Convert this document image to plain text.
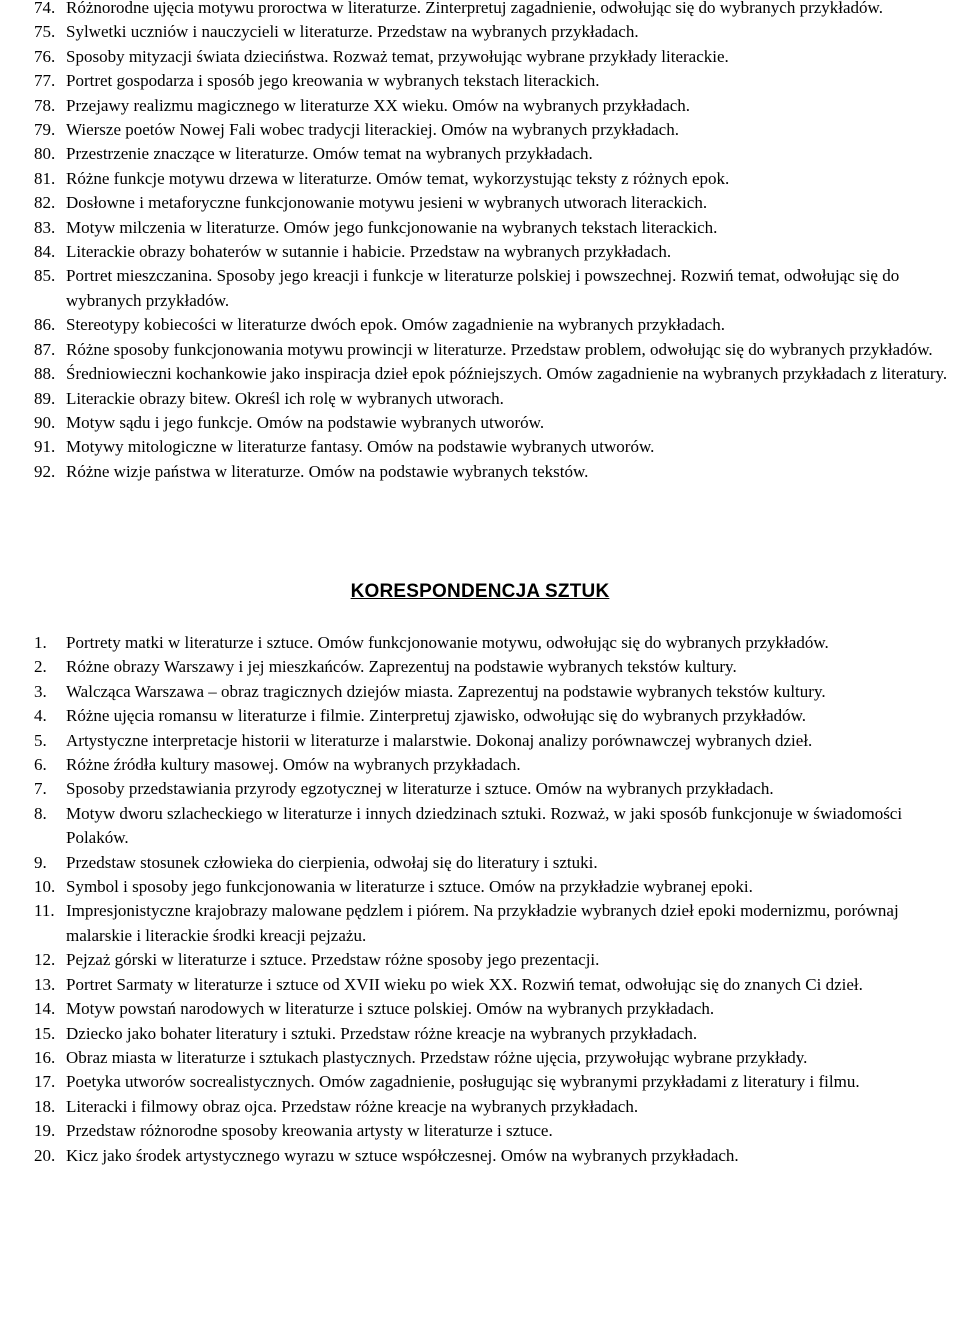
74. Różnorodne ujęcia motywu proroctwa w literaturze. Zinterpretuj zagadnienie, odwołując się do wybranych przykładów.
75. Sylwetki uczniów i nauczycieli w literaturze. Przedstaw na wybranych przykładach.
76. Sposoby mityzacji świata dzieciństwa. Rozważ temat, przywołując wybrane przykłady literackie.
77. Portret gospodarza i sposób jego kreowania w wybranych tekstach literackich.
78. Przejawy realizmu magicznego w literaturze XX wieku. Omów na wybranych przykładach.
79. Wiersze poetów Nowej Fali wobec tradycji literackiej. Omów na wybranych przykładach.
80. Przestrzenie znaczące w literaturze. Omów temat na wybranych przykładach.
81. Różne funkcje motywu drzewa w literaturze. Omów temat, wykorzystując teksty z różnych epok.
82. Dosłowne i metaforyczne funkcjonowanie motywu jesieni w wybranych utworach literackich.
83. Motyw milczenia w literaturze. Omów jego funkcjonowanie na wybranych tekstach literackich.
84. Literackie obrazy bohaterów w sutannie i habicie. Przedstaw na wybranych przykładach.
85. Portret mieszczanina. Sposoby jego kreacji i funkcje w literaturze polskiej i powszechnej. Rozwiń temat, odwołując się do wybranych przykładów.
86. Stereotypy kobiecości w literaturze dwóch epok. Omów zagadnienie na wybranych przykładach.
87. Różne sposoby funkcjonowania motywu prowincji w literaturze. Przedstaw problem, odwołując się do wybranych przykładów.
88. Średniowieczni kochankowie jako inspiracja dzieł epok późniejszych. Omów zagadnienie na wybranych przykładach z literatury.
89. Literackie obrazy bitew. Określ ich rolę w wybranych utworach.
90. Motyw sądu i jego funkcje. Omów na podstawie wybranych utworów.
91. Motywy mitologiczne w literaturze fantasy. Omów na podstawie wybranych utworów.
92. Różne wizje państwa w literaturze. Omów na podstawie wybranych tekstów.
KORESPONDENCJA SZTUK
1. Portrety matki w literaturze i sztuce. Omów funkcjonowanie motywu, odwołując się do wybranych przykładów.
2. Różne obrazy Warszawy i jej mieszkańców. Zaprezentuj na podstawie wybranych tekstów kultury.
3. Walcząca Warszawa – obraz tragicznych dziejów miasta. Zaprezentuj na podstawie wybranych tekstów kultury.
4. Różne ujęcia romansu w literaturze i filmie. Zinterpretuj zjawisko, odwołując się do wybranych przykładów.
5. Artystyczne interpretacje historii w literaturze i malarstwie. Dokonaj analizy porównawczej wybranych dzieł.
6. Różne źródła kultury masowej. Omów na wybranych przykładach.
7. Sposoby przedstawiania przyrody egzotycznej w literaturze i sztuce. Omów na wybranych przykładach.
8. Motyw dworu szlacheckiego w literaturze i innych dziedzinach sztuki. Rozważ, w jaki sposób funkcjonuje w świadomości Polaków.
9. Przedstaw stosunek człowieka do cierpienia, odwołaj się do literatury i sztuki.
10. Symbol i sposoby jego funkcjonowania w literaturze i sztuce. Omów na przykładzie wybranej epoki.
11. Impresjonistyczne krajobrazy malowane pędzlem i piórem. Na przykładzie wybranych dzieł epoki modernizmu, porównaj malarskie i literackie środki kreacji pejzażu.
12. Pejzaż górski w literaturze i sztuce. Przedstaw różne sposoby jego prezentacji.
13. Portret Sarmaty w literaturze i sztuce od XVII wieku po wiek XX. Rozwiń temat, odwołując się do znanych Ci dzieł.
14. Motyw powstań narodowych w literaturze i sztuce polskiej. Omów na wybranych przykładach.
15. Dziecko jako bohater literatury i sztuki. Przedstaw różne kreacje na wybranych przykładach.
16. Obraz miasta w literaturze i sztukach plastycznych. Przedstaw różne ujęcia, przywołując wybrane przykłady.
17. Poetyka utworów socrealistycznych. Omów zagadnienie, posługując się wybranymi przykładami z literatury i filmu.
18. Literacki i filmowy obraz ojca. Przedstaw różne kreacje na wybranych przykładach.
19. Przedstaw różnorodne sposoby kreowania artysty w literaturze i sztuce.
20. Kicz jako środek artystycznego wyrazu w sztuce współczesnej. Omów na wybranych przykładach.
